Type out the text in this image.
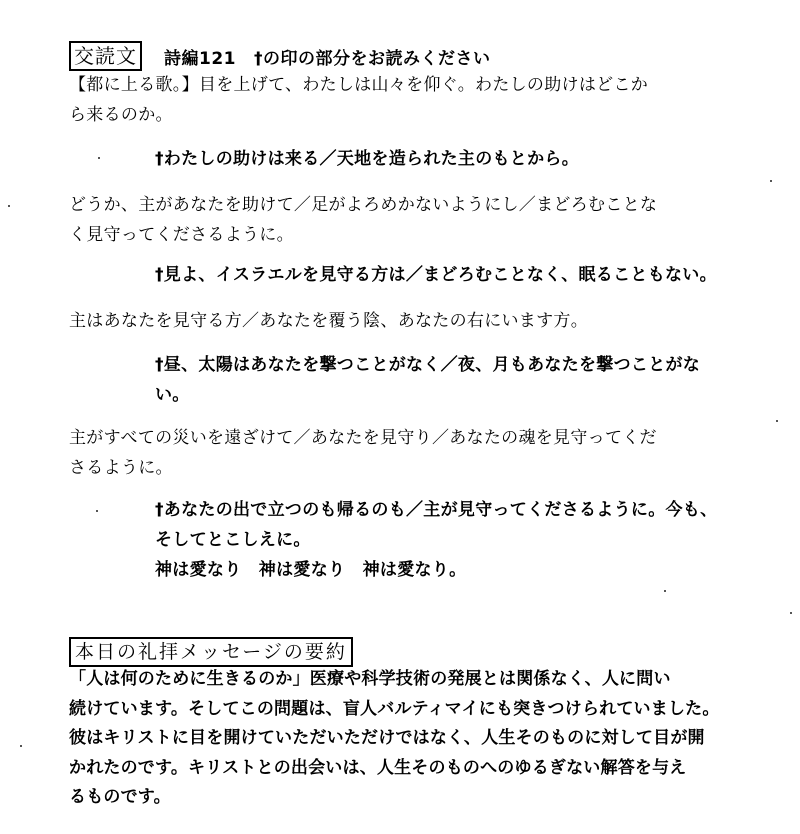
交読文 詩編121 †の印の部分をお読みください

【都に上る歌。】目を上げて、わたしは山々を仰ぐ。わたしの助けはどこか
ら来るのか。

†わたしの助けは来る／天地を造られた主のもとから。

どうか、主があなたを助けて／足がよろめかないようにし／まどろむことな
く見守ってくださるように。

†見よ、イスラエルを見守る方は／まどろむことなく、眠ることもない。

主はあなたを見守る方／あなたを覆う陰、あなたの右にいます方。

†昼、太陽はあなたを撃つことがなく／夜、月もあなたを撃つことがな
い。

主がすべての災いを遠ざけて／あなたを見守り／あなたの魂を見守ってくだ
さるように。

†あなたの出で立つのも帰るのも／主が見守ってくださるように。今も、
そしてとこしえに。
神は愛なり　神は愛なり　神は愛なり。

本日の礼拝メッセージの要約

「人は何のために生きるのか」医療や科学技術の発展とは関係なく、人に問い
続けています。そしてこの問題は、盲人バルティマイにも突きつけられていました。
彼はキリストに目を開けていただいただけではなく、人生そのものに対して目が開
かれたのです。キリストとの出会いは、人生そのものへのゆるぎない解答を与え
るものです。
